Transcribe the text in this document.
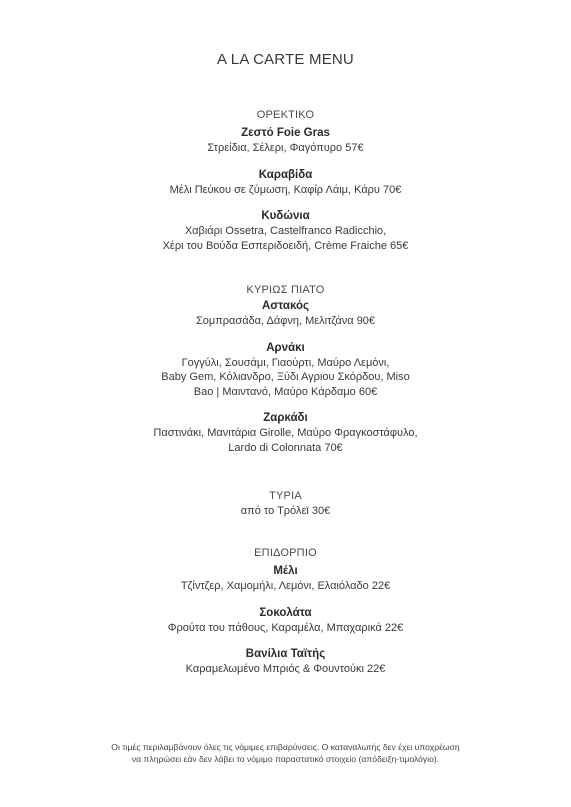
A LA CARTE MENU
ΟΡΕΚΤΙΚΟ
Ζεστό Foie Gras
Στρείδια, Σέλερι, Φαγόπυρο 57€
Καραβίδα
Μέλι Πεύκου σε ζύμωση, Καφίρ Λάιμ, Κάρυ 70€
Κυδώνια
Χαβιάρι Ossetra, Castelfranco Radicchio,
Χέρι του Βούδα Εσπεριδοειδή, Crème Fraiche 65€
ΚΥΡΙΩΣ ΠΙΑΤΟ
Αστακός
Σομπρασάδα, Δάφνη, Μελιτζάνα 90€
Αρνάκι
Γογγύλι, Σουσάμι, Γιαούρτι, Μαύρο Λεμόνι,
Baby Gem, Κόλιανδρο, Ξύδι Αγριου Σκόρδου, Miso
Bao | Μαιντανό, Μαύρο Κάρδαμο 60€
Ζαρκάδι
Παστινάκι, Μανιτάρια Girolle, Μαύρο Φραγκοστάφυλο,
Lardo di Colonnata 70€
ΤΥΡΙΑ
από το Τρόλεϊ 30€
ΕΠΙΔΟΡΠΙΟ
Μέλι
Τζίντζερ, Χαμομήλι, Λεμόνι, Ελαιόλαδο 22€
Σοκολάτα
Φρούτα του πάθους, Καραμέλα, Μπαχαρικά 22€
Βανίλια Ταϊτής
Καραμελωμένο Μπριός & Φουντούκι 22€
Οι τιμές περιλαμβάνουν όλες τις νόμιμες επιβαρύνσεις. Ο καταναλωτής δεν έχει υποχρέωση
να πληρώσει εάν δεν λάβει το νόμιμο παραστατικό στοιχείο (απόδειξη-τιμολόγιο).
